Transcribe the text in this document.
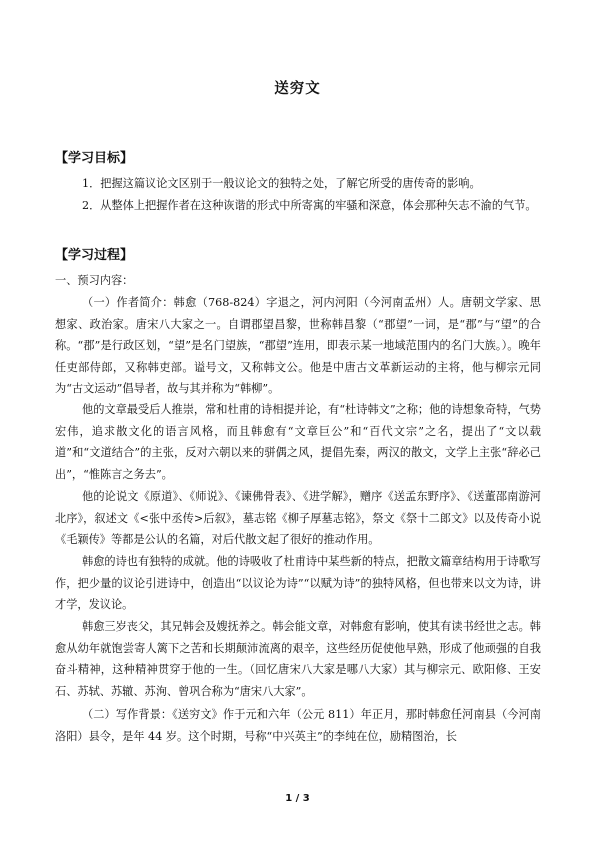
送穷文
【学习目标】

1．把握这篇议论文区别于一般议论文的独特之处，了解它所受的唐传奇的影响。

2．从整体上把握作者在这种诙谐的形式中所寄寓的牢骚和深意，体会那种矢志不渝的气节。

【学习过程】

一、预习内容：

（一）作者简介：韩愈（768-824）字退之，河内河阳（今河南孟州）人。唐朝文学家、思想家、政治家。唐宋八大家之一。自谓郡望昌黎，世称韩昌黎（“郡望”一词，是“郡”与“望”的合称。“郡”是行政区划，“望”是名门望族，“郡望”连用，即表示某一地域范围内的名门大族。）。晚年任吏部侍郎，又称韩吏部。谥号文，又称韩文公。他是中唐古文革新运动的主将，他与柳宗元同为“古文运动”倡导者，故与其并称为“韩柳”。

他的文章最受后人推崇，常和杜甫的诗相提并论，有“杜诗韩文”之称；他的诗想象奇特，气势宏伟，追求散文化的语言风格，而且韩愈有“文章巨公”和“百代文宗”之名，提出了“文以载道”和“文道结合”的主张，反对六朝以来的骈偶之风，提倡先秦，两汉的散文，文学上主张“辞必己出”，“惟陈言之务去”。

他的论说文《原道》、《师说》、《谏佛骨表》、《进学解》，赠序《送孟东野序》、《送董邵南游河北序》，叙述文《<张中丞传>后叙》，墓志铭《柳子厚墓志铭》，祭文《祭十二郎文》以及传奇小说《毛颖传》等都是公认的名篇，对后代散文起了很好的推动作用。

韩愈的诗也有独特的成就。他的诗吸收了杜甫诗中某些新的特点，把散文篇章结构用于诗歌写作，把少量的议论引进诗中，创造出“以议论为诗”“以赋为诗”的独特风格，但也带来以文为诗，讲才学，发议论。

韩愈三岁丧父，其兄韩会及嫂抚养之。韩会能文章，对韩愈有影响，使其有读书经世之志。韩愈从幼年就饱尝寄人篱下之苦和长期颠沛流离的艰辛，这些经历促使他早熟，形成了他顽强的自我奋斗精神，这种精神贯穿于他的一生。（回忆唐宋八大家是哪八大家）其与柳宗元、欧阳修、王安石、苏轼、苏辙、苏洵、曾巩合称为“唐宋八大家”。

（二）写作背景：《送穷文》作于元和六年（公元 811）年正月，那时韩愈任河南县（今河南洛阳）县令，是年 44 岁。这个时期，号称“中兴英主”的李纯在位，励精图治，长

1 / 3
